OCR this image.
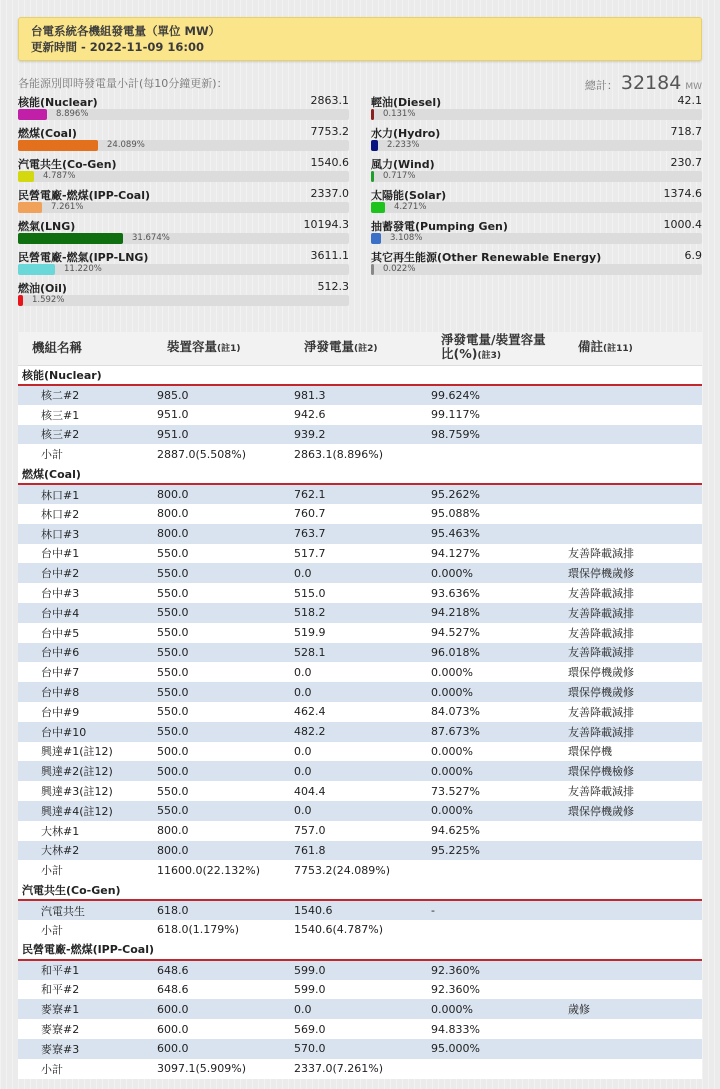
台電系統各機組發電量（單位 MW）
更新時間 - 2022-11-09 16:00
各能源別即時發電量小計(每10分鐘更新)：	總計： 32184 MW
核能(Nuclear)	2863.1
8.896%
燃煤(Coal)	7753.2
24.089%
汽電共生(Co-Gen)	1540.6
4.787%
民營電廠-燃煤(IPP-Coal)	2337.0
7.261%
燃氣(LNG)	10194.3
31.674%
民營電廠-燃氣(IPP-LNG)	3611.1
11.220%
燃油(Oil)	512.3
1.592%
輕油(Diesel)	42.1
0.131%
水力(Hydro)	718.7
2.233%
風力(Wind)	230.7
0.717%
太陽能(Solar)	1374.6
4.271%
抽蓄發電(Pumping Gen)	1000.4
3.108%
其它再生能源(Other Renewable Energy)	6.9
0.022%
機組名稱	裝置容量(註1)	淨發電量(註2)	淨發電量/裝置容量
比(%)(註3)	備註(註11)
核能(Nuclear)				
核二#2	985.0	981.3	99.624%	
核三#1	951.0	942.6	99.117%	
核三#2	951.0	939.2	98.759%	
小計	2887.0(5.508%)	2863.1(8.896%)		
燃煤(Coal)				
林口#1	800.0	762.1	95.262%	
林口#2	800.0	760.7	95.088%	
林口#3	800.0	763.7	95.463%	
台中#1	550.0	517.7	94.127%	友善降載減排
台中#2	550.0	0.0	0.000%	環保停機歲修
台中#3	550.0	515.0	93.636%	友善降載減排
台中#4	550.0	518.2	94.218%	友善降載減排
台中#5	550.0	519.9	94.527%	友善降載減排
台中#6	550.0	528.1	96.018%	友善降載減排
台中#7	550.0	0.0	0.000%	環保停機歲修
台中#8	550.0	0.0	0.000%	環保停機歲修
台中#9	550.0	462.4	84.073%	友善降載減排
台中#10	550.0	482.2	87.673%	友善降載減排
興達#1(註12)	500.0	0.0	0.000%	環保停機
興達#2(註12)	500.0	0.0	0.000%	環保停機檢修
興達#3(註12)	550.0	404.4	73.527%	友善降載減排
興達#4(註12)	550.0	0.0	0.000%	環保停機歲修
大林#1	800.0	757.0	94.625%	
大林#2	800.0	761.8	95.225%	
小計	11600.0(22.132%)	7753.2(24.089%)		
汽電共生(Co-Gen)				
汽電共生	618.0	1540.6	-	
小計	618.0(1.179%)	1540.6(4.787%)		
民營電廠-燃煤(IPP-Coal)				
和平#1	648.6	599.0	92.360%	
和平#2	648.6	599.0	92.360%	
麥寮#1	600.0	0.0	0.000%	歲修
麥寮#2	600.0	569.0	94.833%	
麥寮#3	600.0	570.0	95.000%	
小計	3097.1(5.909%)	2337.0(7.261%)		
